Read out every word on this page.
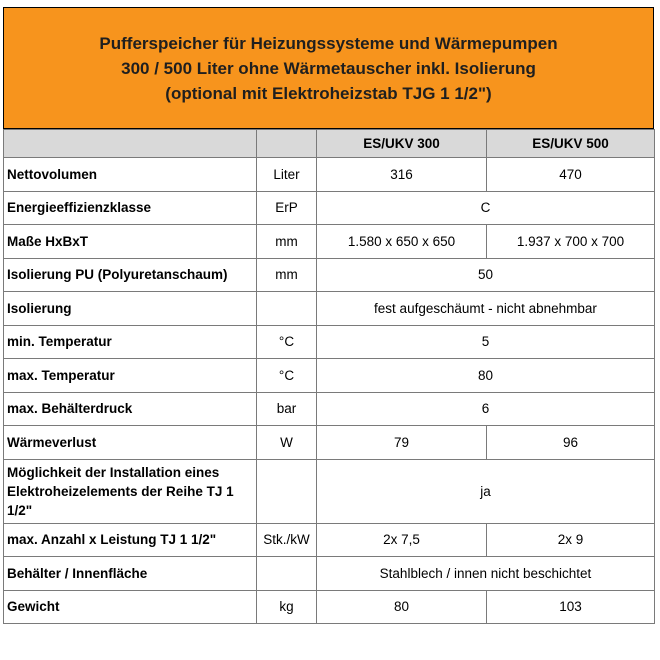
Pufferspeicher für Heizungssysteme und Wärmepumpen
300 / 500 Liter ohne Wärmetauscher inkl. Isolierung
(optional mit Elektroheizstab TJG 1 1/2")
		ES/UKV 300	ES/UKV 500
Nettovolumen	Liter	316	470
Energieeffizienzklasse	ErP	C	
Maße HxBxT	mm	1.580 x 650 x 650	1.937 x 700 x 700
Isolierung PU (Polyuretanschaum)	mm	50	
Isolierung		fest aufgeschäumt - nicht abnehmbar	
min. Temperatur	°C	5	
max. Temperatur	°C	80	
max. Behälterdruck	bar	6	
Wärmeverlust	W	79	96
Möglichkeit der Installation eines Elektroheizelements der Reihe TJ 1 1/2"		ja	
max. Anzahl x Leistung TJ 1 1/2"	Stk./kW	2x 7,5	2x 9
Behälter / Innenfläche		Stahlblech / innen nicht beschichtet	
Gewicht	kg	80	103
